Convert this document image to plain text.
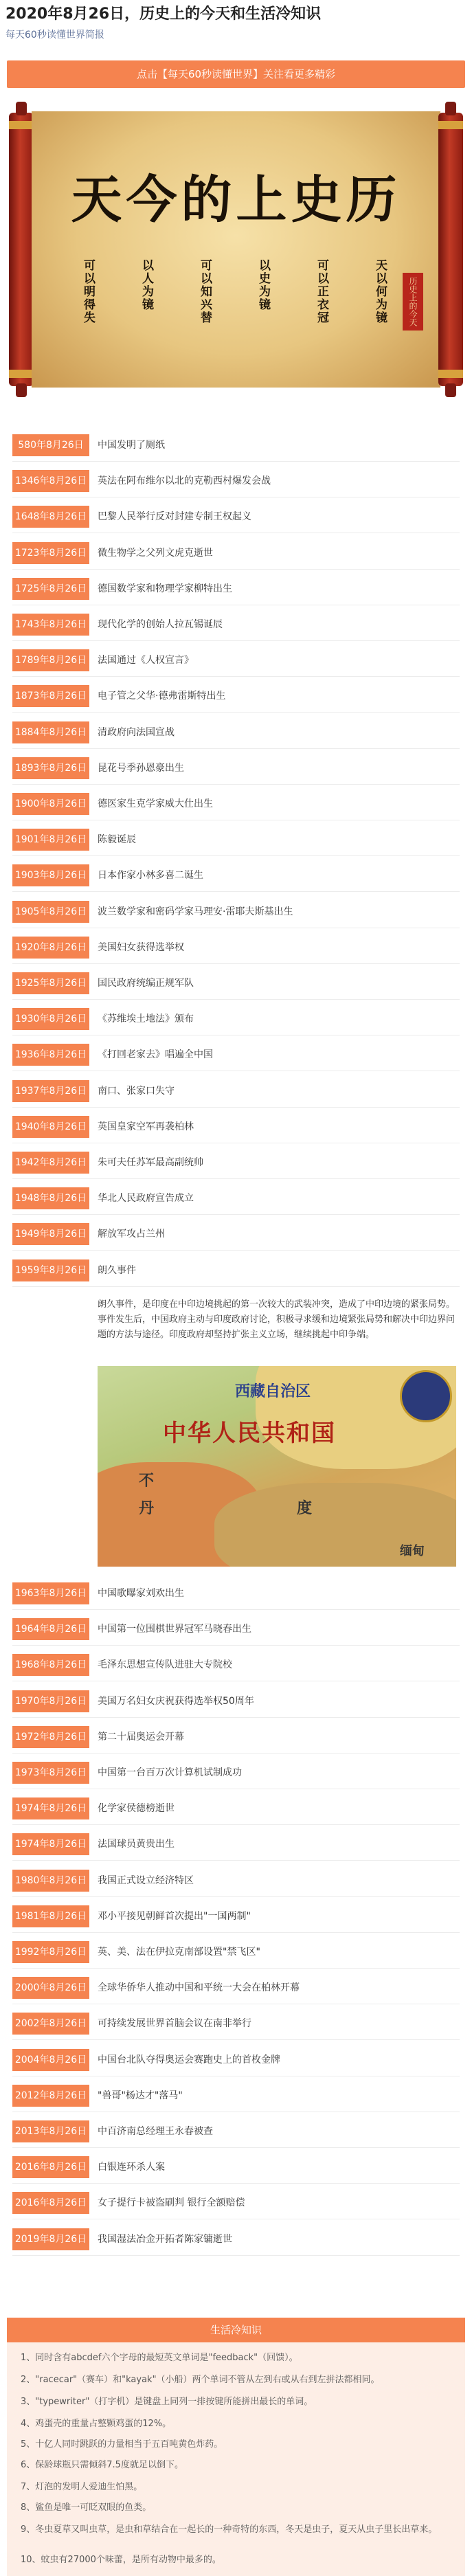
2020年8月26日，历史上的今天和生活冷知识
每天60秒读懂世界简报
点击【每天60秒读懂世界】关注看更多精彩
天今的上史历
可以明得失	以人为镜	可以知兴替	以史为镜	可以正衣冠	天以何为镜	历史上的今天
580年8月26日	中国发明了厕纸
1346年8月26日 英法在阿布维尔以北的克勒西村爆发会战
1648年8月26日 巴黎人民举行反对封建专制王权起义
1723年8月26日 微生物学之父列文虎克逝世
1725年8月26日 德国数学家和物理学家柳特出生
1743年8月26日 现代化学的创始人拉瓦锡诞辰
1789年8月26日 法国通过《人权宣言》
1873年8月26日 电子管之父华·德弗雷斯特出生
1884年8月26日 清政府向法国宣战
1893年8月26日 昆花号季孙恩豪出生
1900年8月26日 德医家生克学家威大仕出生
1901年8月26日 陈毅诞辰
1903年8月26日 日本作家小林多喜二诞生
1905年8月26日 波兰数学家和密码学家马理安·雷耶夫斯基出生
1920年8月26日 美国妇女获得选举权
1925年8月26日 国民政府统编正规军队
1930年8月26日 《苏维埃土地法》颁布
1936年8月26日 《打回老家去》唱遍全中国
1937年8月26日 南口、张家口失守
1940年8月26日 英国皇家空军再袭柏林
1942年8月26日 朱可夫任苏军最高副统帅
1948年8月26日 华北人民政府宣告成立
1949年8月26日 解放军攻占兰州
1959年8月26日 朗久事件
1963年8月26日 中国歌曝家刘欢出生
1964年8月26日 中国第一位围棋世界冠军马晓春出生
1968年8月26日 毛泽东思想宣传队进驻大专院校
1970年8月26日 美国万名妇女庆祝获得选举权50周年
1972年8月26日 第二十届奥运会开幕
1973年8月26日 中国第一台百万次计算机试制成功
1974年8月26日 化学家侯德榜逝世
1974年8月26日 法国球员黄贵出生
1980年8月26日 我国正式设立经济特区
1981年8月26日 邓小平接见朝鲜首次提出"一国两制"
1992年8月26日 英、美、法在伊拉克南部设置"禁飞区"
2000年8月26日 全球华侨华人推动中国和平统一大会在柏林开幕
2002年8月26日 可持续发展世界首脑会议在南非举行
2004年8月26日 中国台北队夺得奥运会赛跑史上的首枚金牌
2012年8月26日 "兽哥"杨达才"落马"
2013年8月26日 中百济南总经理王永春被查
2016年8月26日 白银连环杀人案
2016年8月26日 女子提行卡被盗刷判 银行全额赔偿
2019年8月26日 我国湿法冶金开拓者陈家镛逝世
朗久事件，是印度在中印边境挑起的第一次较大的武装冲突，造成了中印边境的紧张局势。事件发生后，中国政府主动与印度政府讨论，积极寻求缓和边境紧张局势和解决中印边界问题的方法与途径。印度政府却坚持扩张主义立场，继续挑起中印争端。
西藏自治区
中华人民共和国
不
丹	度
缅甸
生活冷知识
1、同时含有abcdef六个字母的最短英文单词是"feedback"（回馈）。
2、"racecar"（赛车）和"kayak"（小船）两个单词不管从左到右或从右到左拼法都相同。
3、"typewriter"（打字机）是键盘上同列一排按键所能拼出最长的单词。
4、鸡蛋壳的重量占整颗鸡蛋的12%。
5、十亿人同时跳跃的力量相当于五百吨黄色炸药。
6、保龄球瓶只需倾斜7.5度就足以倒下。
7、灯泡的发明人爱迪生怕黑。
8、鲨鱼是唯一可眨双眼的鱼类。
9、冬虫夏草又叫虫草，是虫和草结合在一起长的一种奇特的东西，冬天是虫子，夏天从虫子里长出草来。
10、蚊虫有27000个味蕾，是所有动物中最多的。
